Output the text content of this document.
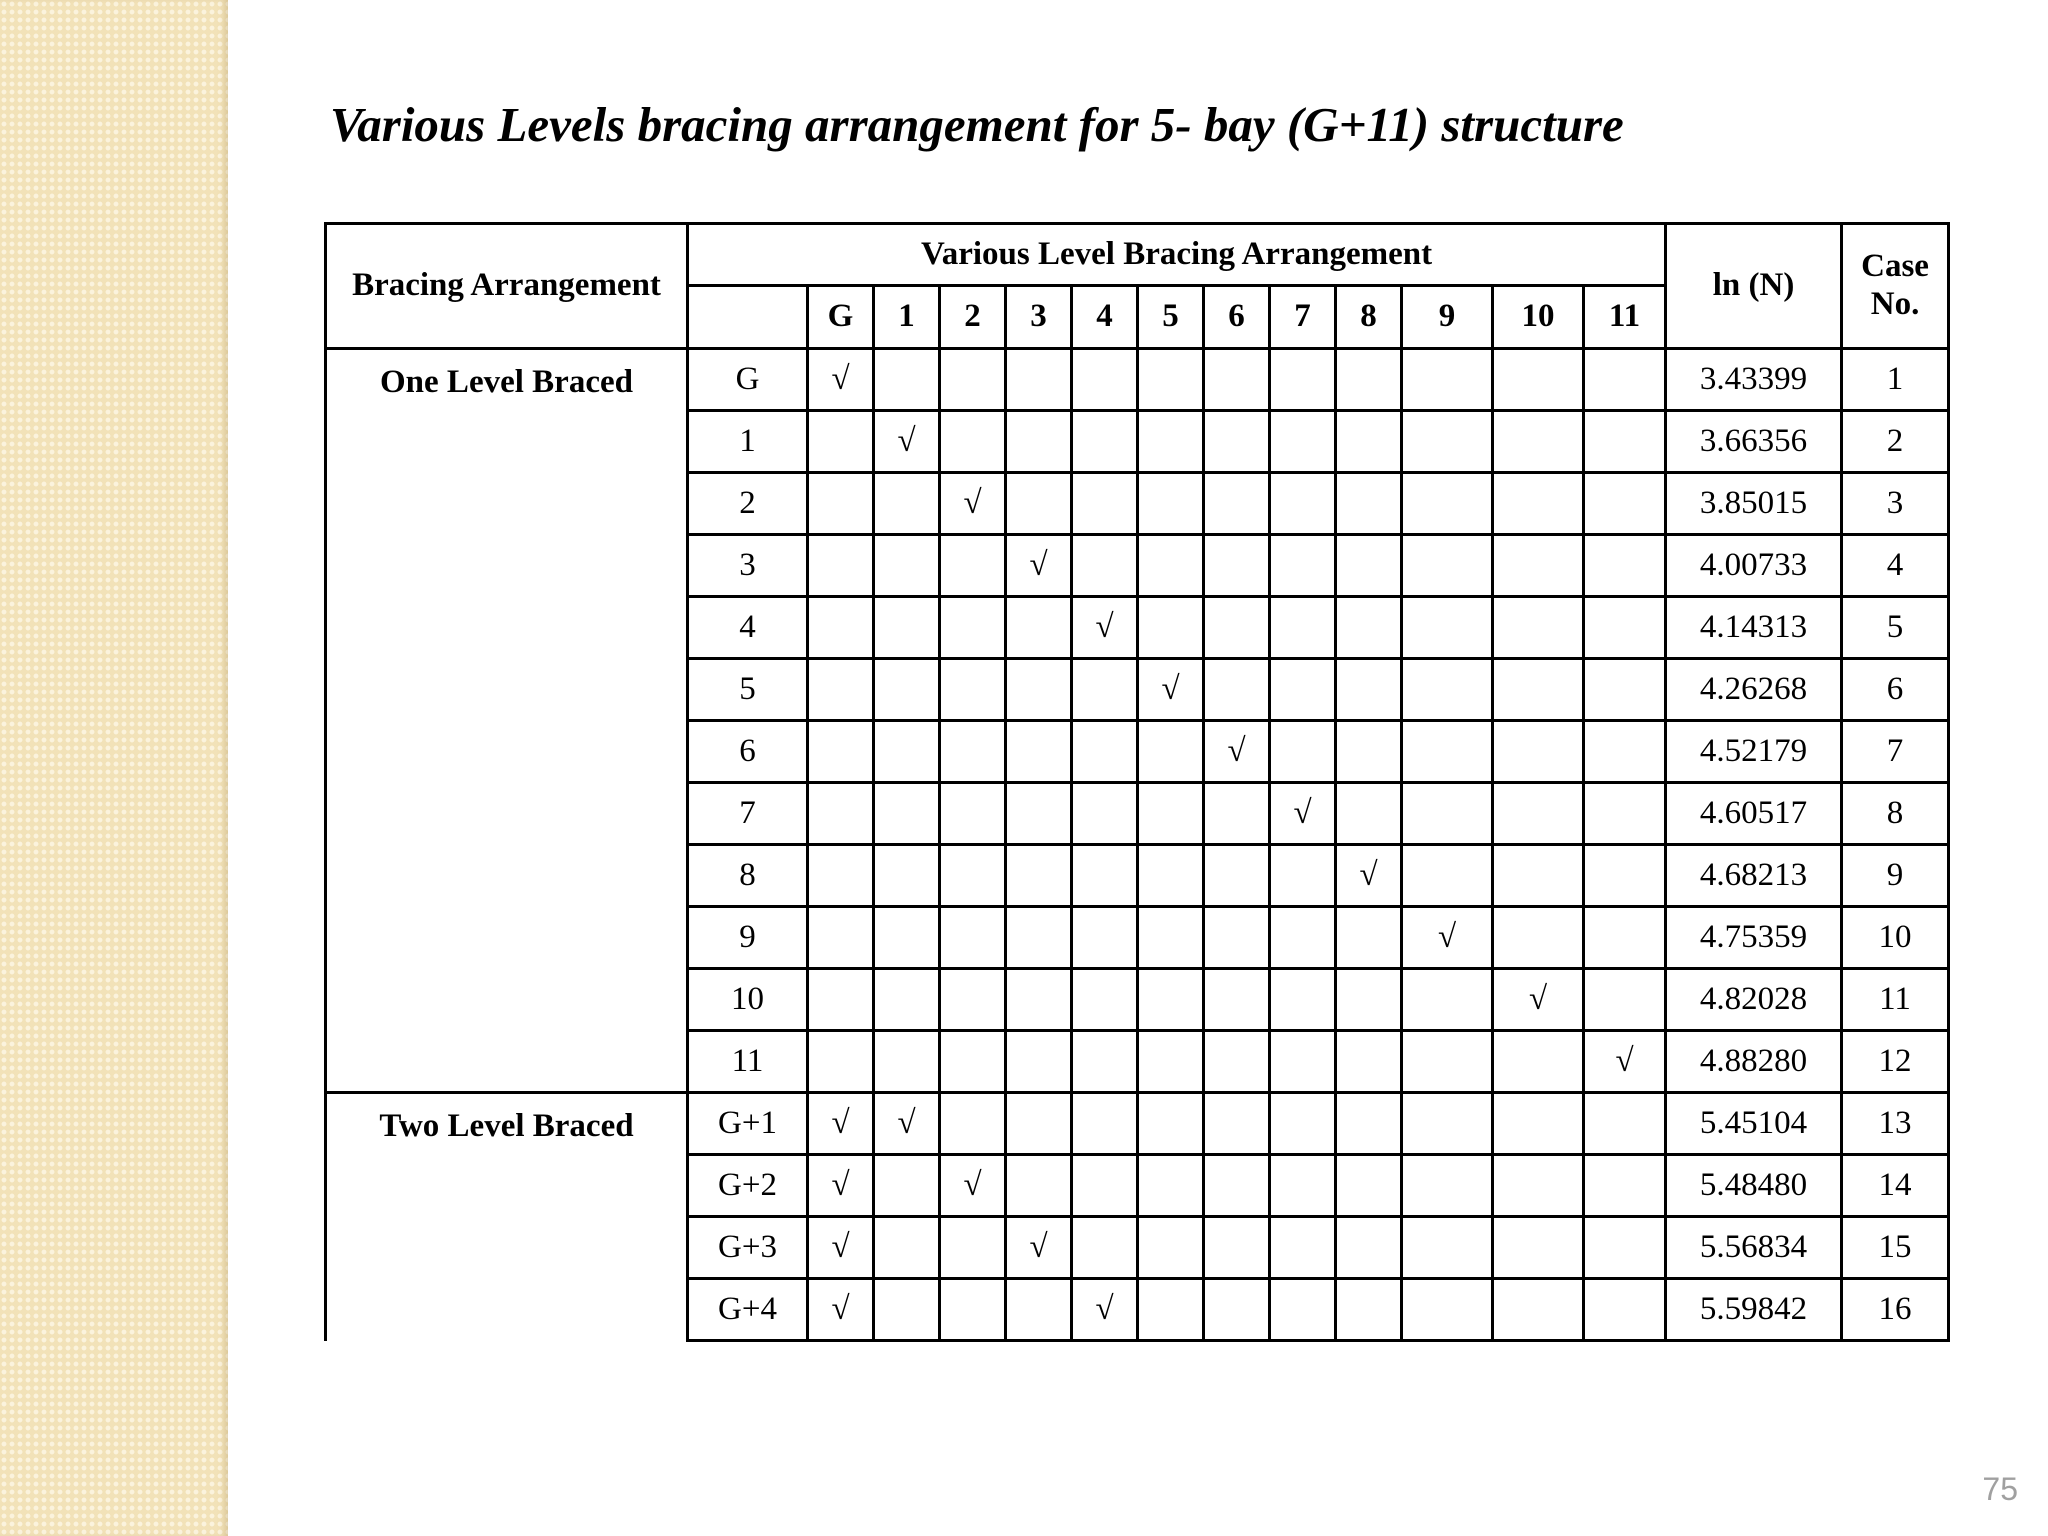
Various Levels bracing arrangement for 5- bay (G+11) structure
Bracing Arrangement	Various Level Bracing Arrangement													ln (N)	Case No.
		G	1	2	3	4	5	6	7	8	9	10	11		
One Level Braced	G	√												3.43399	1
	1		√											3.66356	2
	2			√										3.85015	3
	3				√									4.00733	4
	4					√								4.14313	5
	5						√							4.26268	6
	6							√						4.52179	7
	7								√					4.60517	8
	8									√				4.68213	9
	9										√			4.75359	10
	10											√		4.82028	11
	11												√	4.88280	12
Two Level Braced	G+1	√	√											5.45104	13
	G+2	√		√										5.48480	14
	G+3	√			√									5.56834	15
	G+4	√				√								5.59842	16
75
